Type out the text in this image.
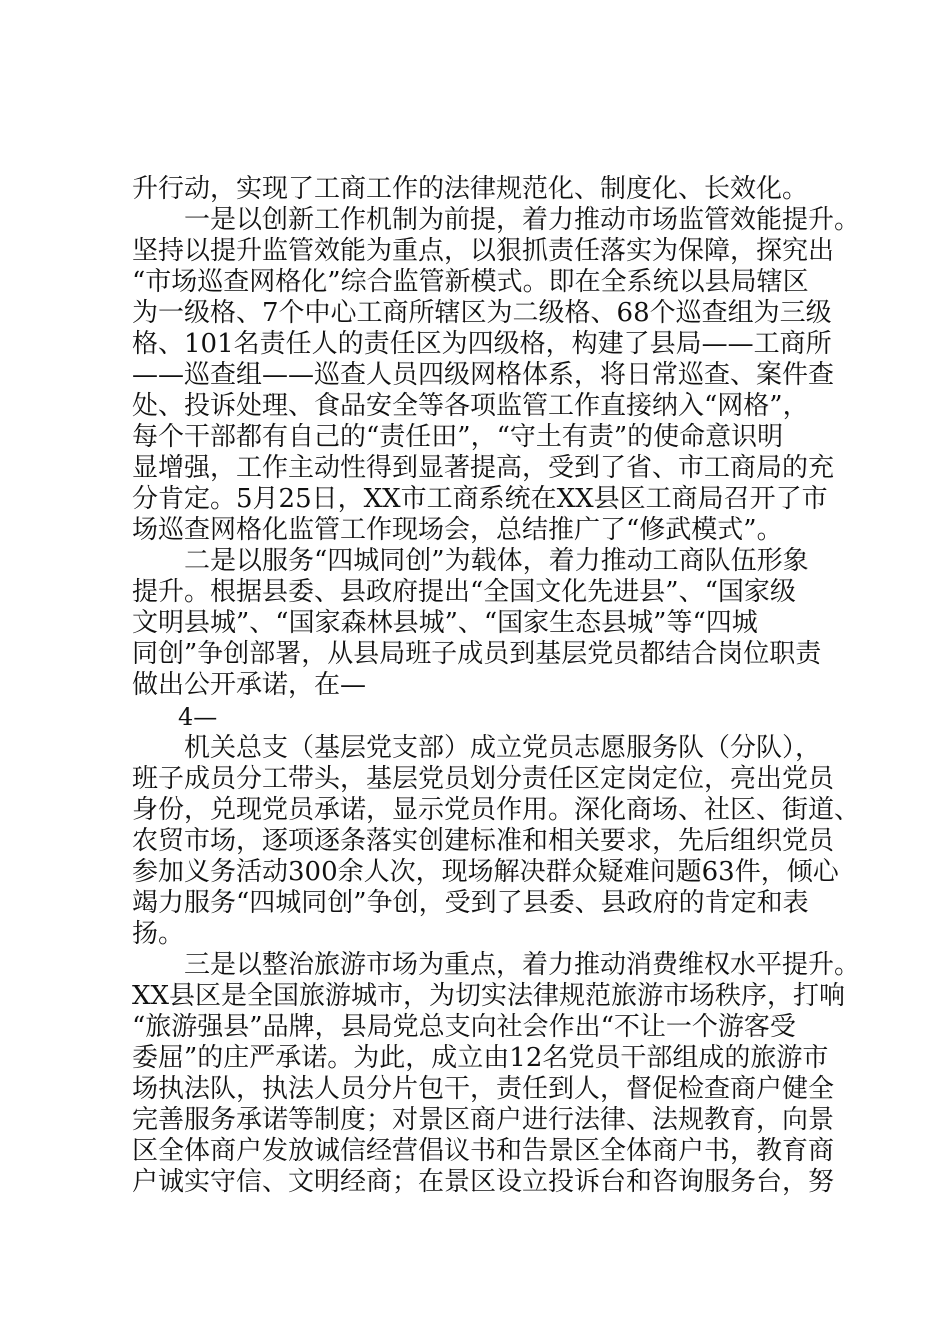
升行动，实现了工商工作的法律规范化、制度化、长效化。
一是以创新工作机制为前提，着力推动市场监管效能提升。
坚持以提升监管效能为重点，以狠抓责任落实为保障，探究出
“市场巡查网格化”综合监管新模式。即在全系统以县局辖区
为一级格、7个中心工商所辖区为二级格、68个巡查组为三级
格、101名责任人的责任区为四级格，构建了县局——工商所
——巡查组——巡查人员四级网格体系，将日常巡查、案件查
处、投诉处理、食品安全等各项监管工作直接纳入“网格”，
每个干部都有自己的“责任田”，“守土有责”的使命意识明
显增强，工作主动性得到显著提高，受到了省、市工商局的充
分肯定。5月25日，XX市工商系统在XX县区工商局召开了市
场巡查网格化监管工作现场会，总结推广了“修武模式”。
二是以服务“四城同创”为载体，着力推动工商队伍形象
提升。根据县委、县政府提出“全国文化先进县”、“国家级
文明县城”、“国家森林县城”、“国家生态县城”等“四城
同创”争创部署，从县局班子成员到基层党员都结合岗位职责
做出公开承诺，在—
4—
机关总支（基层党支部）成立党员志愿服务队（分队），
班子成员分工带头，基层党员划分责任区定岗定位，亮出党员
身份，兑现党员承诺，显示党员作用。深化商场、社区、街道、
农贸市场，逐项逐条落实创建标准和相关要求，先后组织党员
参加义务活动300余人次，现场解决群众疑难问题63件，倾心
竭力服务“四城同创”争创，受到了县委、县政府的肯定和表
扬。
三是以整治旅游市场为重点，着力推动消费维权水平提升。
XX县区是全国旅游城市，为切实法律规范旅游市场秩序，打响
“旅游强县”品牌，县局党总支向社会作出“不让一个游客受
委屈”的庄严承诺。为此，成立由12名党员干部组成的旅游市
场执法队，执法人员分片包干，责任到人，督促检查商户健全
完善服务承诺等制度；对景区商户进行法律、法规教育，向景
区全体商户发放诚信经营倡议书和告景区全体商户书，教育商
户诚实守信、文明经商；在景区设立投诉台和咨询服务台，努
